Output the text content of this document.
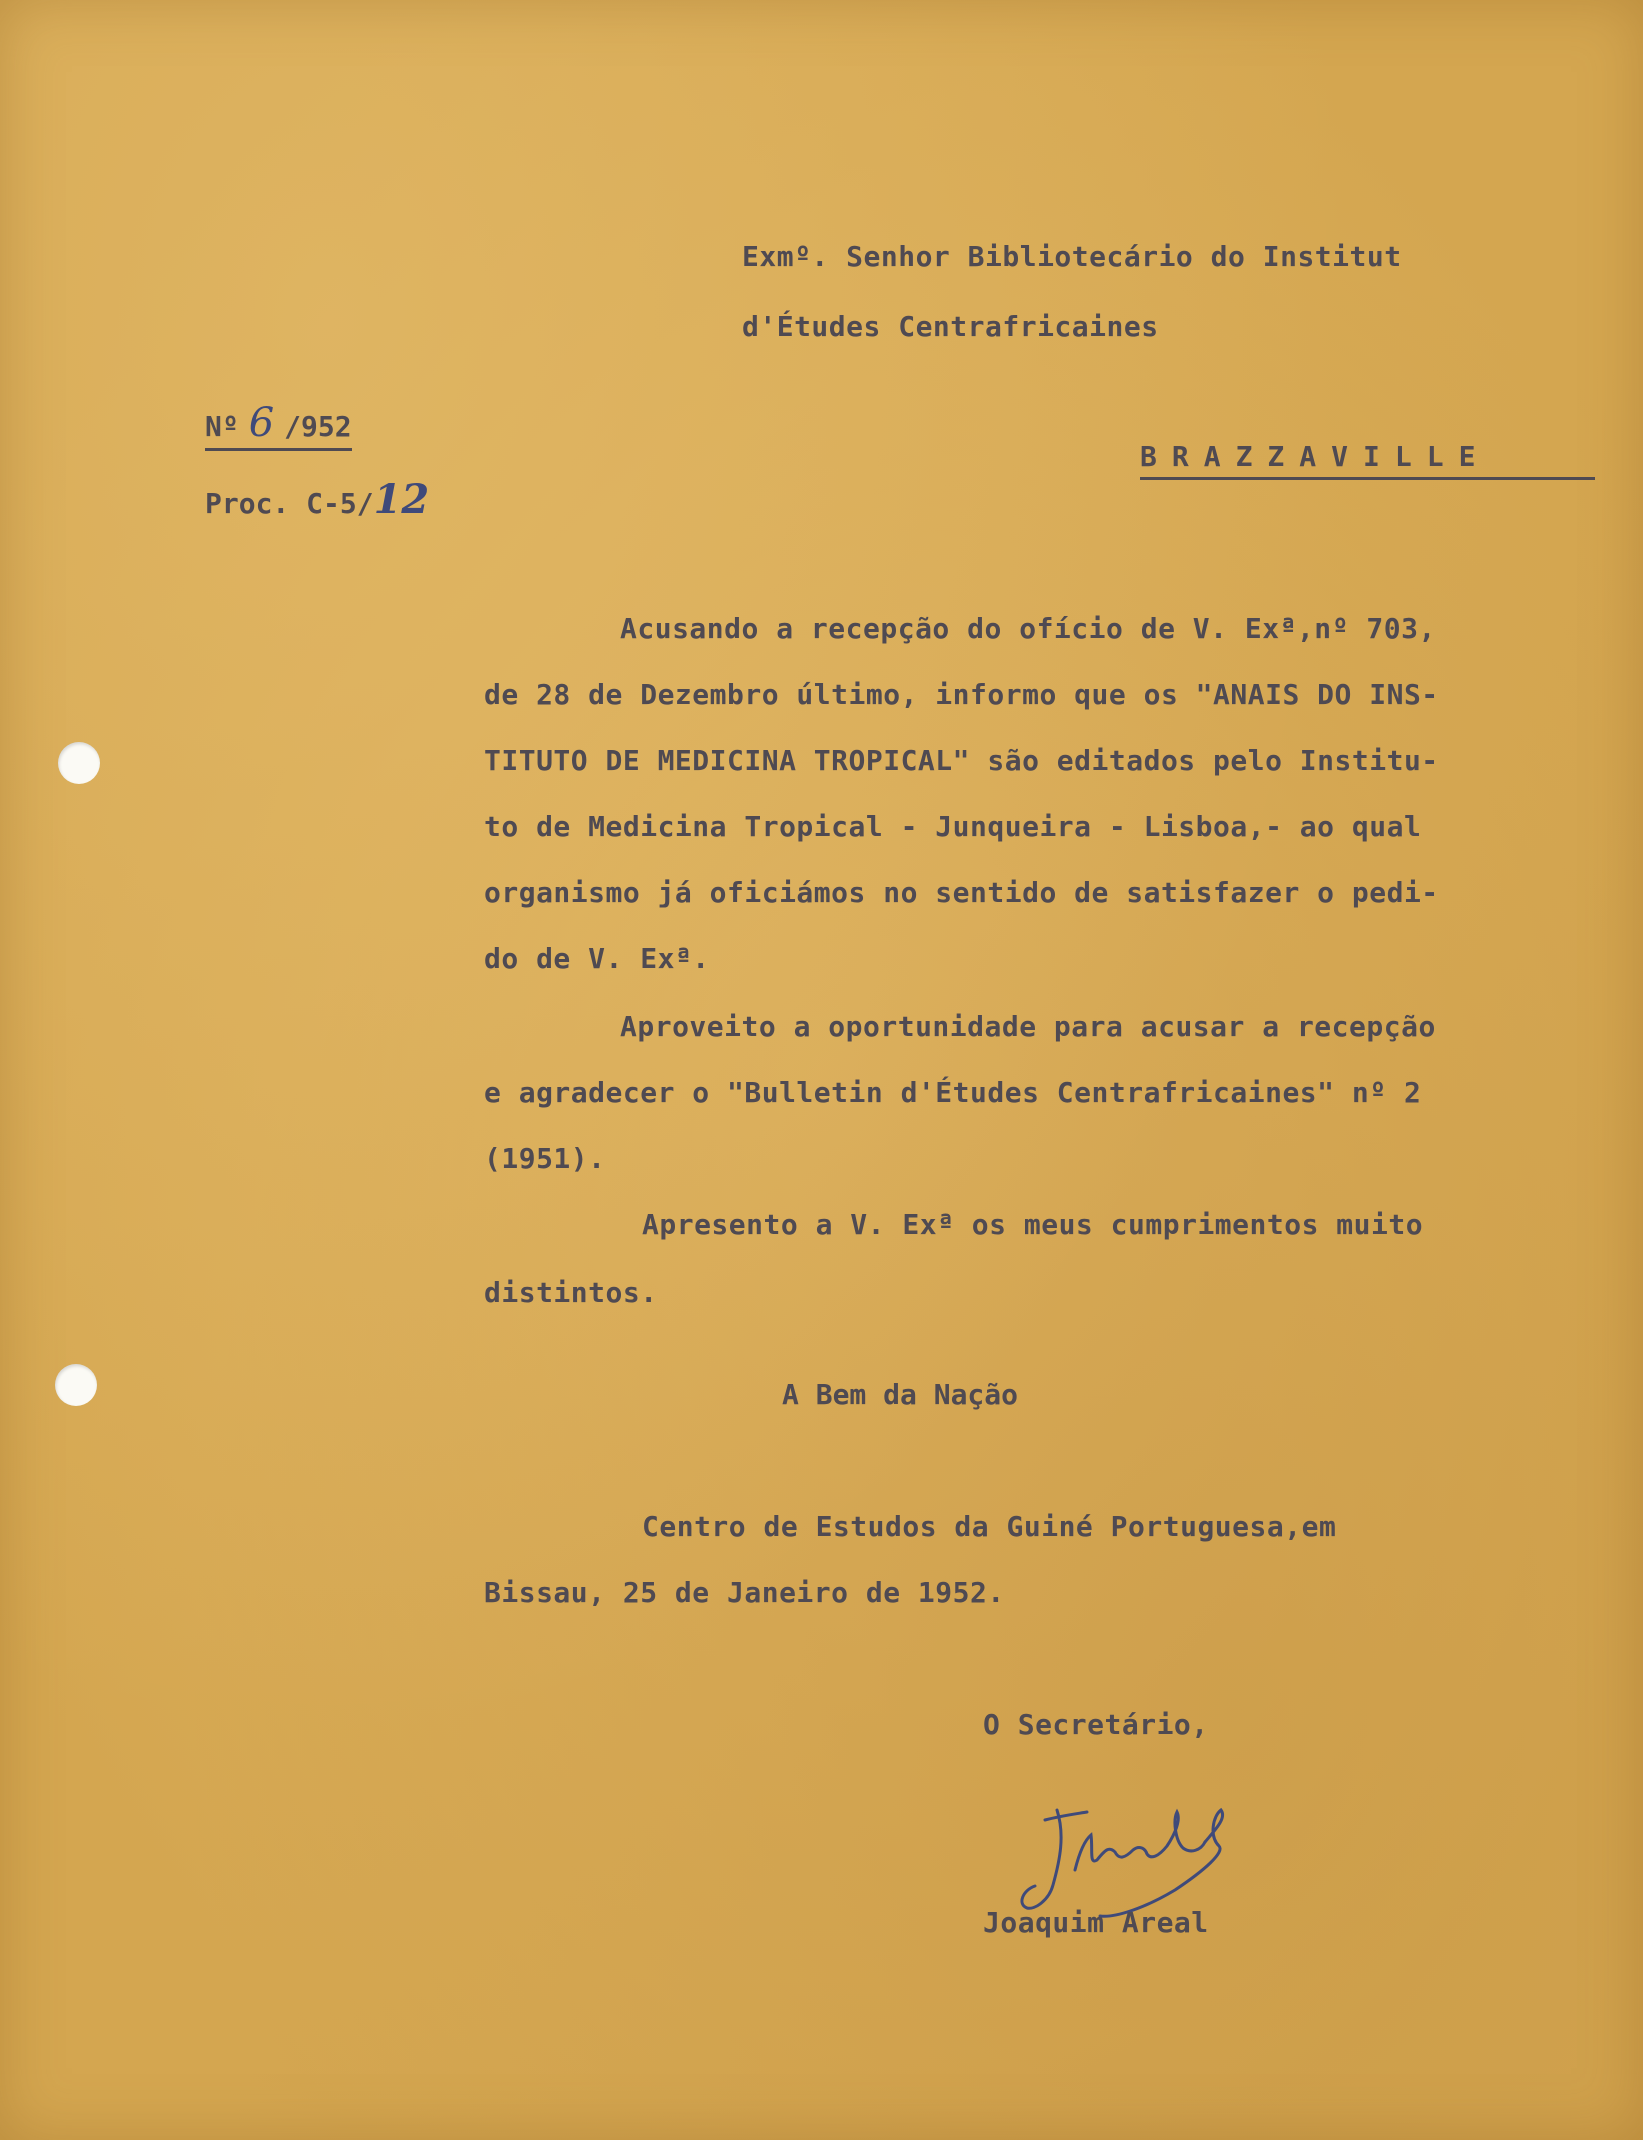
Exmº. Senhor Bibliotecário do Institut
d'Études Centrafricaines
Nº 6 /952
Proc. C-5/12
BRAZZAVILLE
Acusando a recepção do ofício de V. Exª,nº 703,
de 28 de Dezembro último, informo que os "ANAIS DO INS-
TITUTO DE MEDICINA TROPICAL" são editados pelo Institu-
to de Medicina Tropical - Junqueira - Lisboa,- ao qual
organismo já oficiámos no sentido de satisfazer o pedi-
do de V. Exª.
Aproveito a oportunidade para acusar a recepção
e agradecer o "Bulletin d'Études Centrafricaines" nº 2
(1951).
Apresento a V. Exª os meus cumprimentos muito
distintos.
A Bem da Nação
Centro de Estudos da Guiné Portuguesa,em
Bissau, 25 de Janeiro de 1952.
O Secretário,
Joaquim Areal
